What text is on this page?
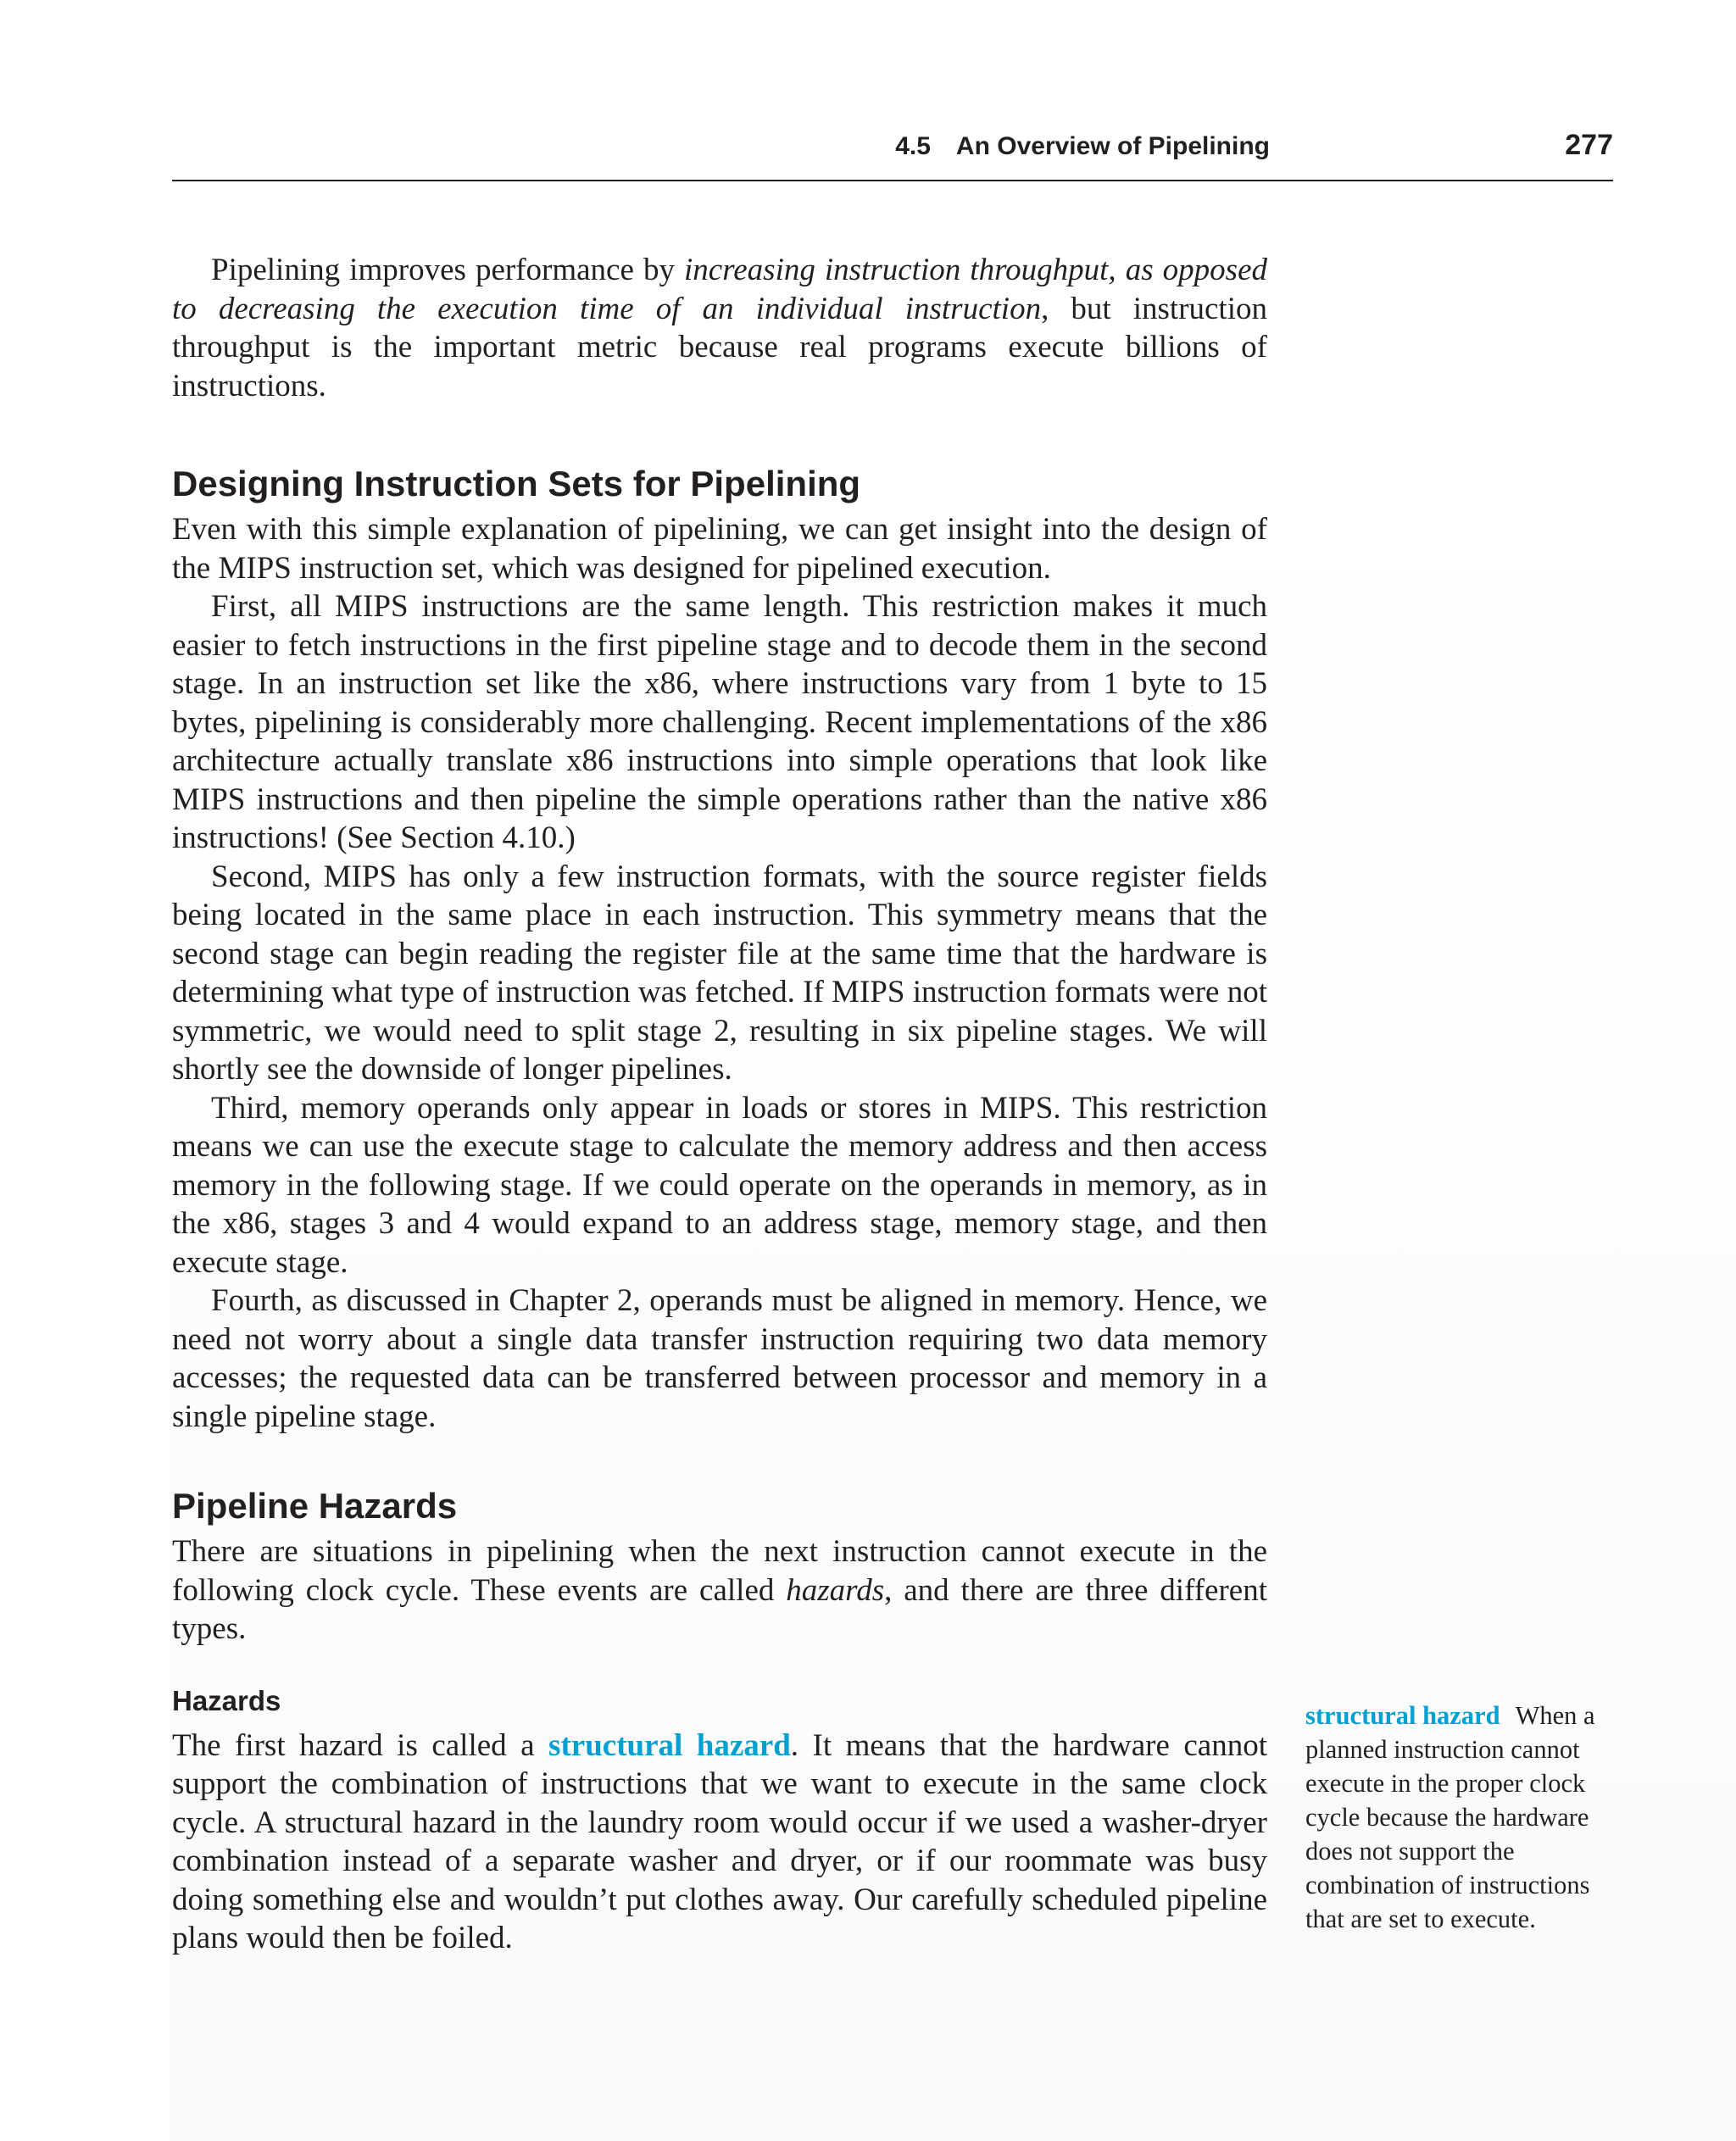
4.5 An Overview of Pipelining	277

Pipelining improves performance by increasing instruction throughput, as opposed to decreasing the execution time of an individual instruction, but instruction throughput is the important metric because real programs execute billions of instructions.

Designing Instruction Sets for Pipelining

Even with this simple explanation of pipelining, we can get insight into the design of the MIPS instruction set, which was designed for pipelined execution.

First, all MIPS instructions are the same length. This restriction makes it much easier to fetch instructions in the first pipeline stage and to decode them in the second stage. In an instruction set like the x86, where instructions vary from 1 byte to 15 bytes, pipelining is considerably more challenging. Recent implementations of the x86 architecture actually translate x86 instructions into simple operations that look like MIPS instructions and then pipeline the simple operations rather than the native x86 instructions! (See Section 4.10.)

Second, MIPS has only a few instruction formats, with the source register fields being located in the same place in each instruction. This symmetry means that the second stage can begin reading the register file at the same time that the hardware is determining what type of instruction was fetched. If MIPS instruction formats were not symmetric, we would need to split stage 2, resulting in six pipeline stages. We will shortly see the downside of longer pipelines.

Third, memory operands only appear in loads or stores in MIPS. This restriction means we can use the execute stage to calculate the memory address and then access memory in the following stage. If we could operate on the operands in memory, as in the x86, stages 3 and 4 would expand to an address stage, memory stage, and then execute stage.

Fourth, as discussed in Chapter 2, operands must be aligned in memory. Hence, we need not worry about a single data transfer instruction requiring two data memory accesses; the requested data can be transferred between processor and memory in a single pipeline stage.

Pipeline Hazards

There are situations in pipelining when the next instruction cannot execute in the following clock cycle. These events are called hazards, and there are three different types.

Hazards

The first hazard is called a structural hazard. It means that the hardware cannot support the combination of instructions that we want to execute in the same clock cycle. A structural hazard in the laundry room would occur if we used a washer-dryer combination instead of a separate washer and dryer, or if our roommate was busy doing something else and wouldn’t put clothes away. Our carefully scheduled pipeline plans would then be foiled.

structural hazard When a planned instruction cannot execute in the proper clock cycle because the hardware does not support the combination of instructions that are set to execute.
